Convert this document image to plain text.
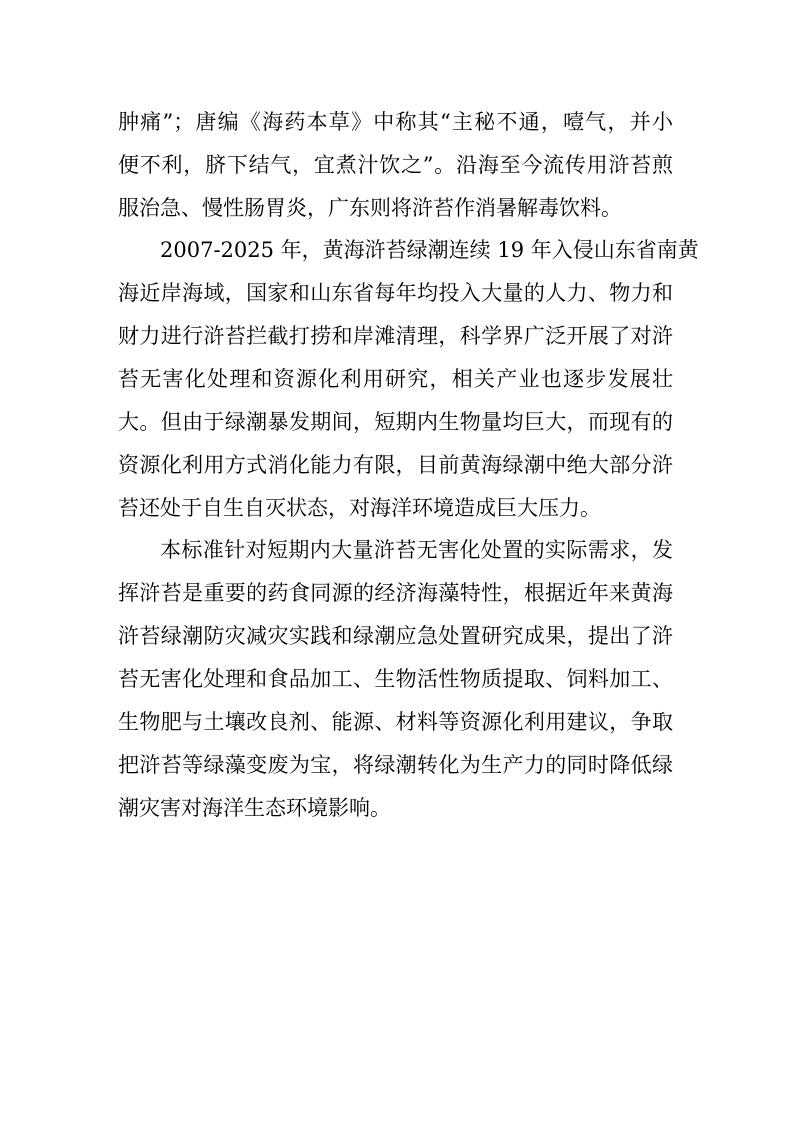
肿痛”；唐编《海药本草》中称其“主秘不通，噎气，并小
便不利，脐下结气，宜煮汁饮之”。沿海至今流传用浒苔煎
服治急、慢性肠胃炎，广东则将浒苔作消暑解毒饮料。
2007-2025 年，黄海浒苔绿潮连续 19 年入侵山东省南黄
海近岸海域，国家和山东省每年均投入大量的人力、物力和
财力进行浒苔拦截打捞和岸滩清理，科学界广泛开展了对浒
苔无害化处理和资源化利用研究，相关产业也逐步发展壮
大。但由于绿潮暴发期间，短期内生物量均巨大，而现有的
资源化利用方式消化能力有限，目前黄海绿潮中绝大部分浒
苔还处于自生自灭状态，对海洋环境造成巨大压力。
本标准针对短期内大量浒苔无害化处置的实际需求，发
挥浒苔是重要的药食同源的经济海藻特性，根据近年来黄海
浒苔绿潮防灾减灾实践和绿潮应急处置研究成果，提出了浒
苔无害化处理和食品加工、生物活性物质提取、饲料加工、
生物肥与土壤改良剂、能源、材料等资源化利用建议，争取
把浒苔等绿藻变废为宝，将绿潮转化为生产力的同时降低绿
潮灾害对海洋生态环境影响。
